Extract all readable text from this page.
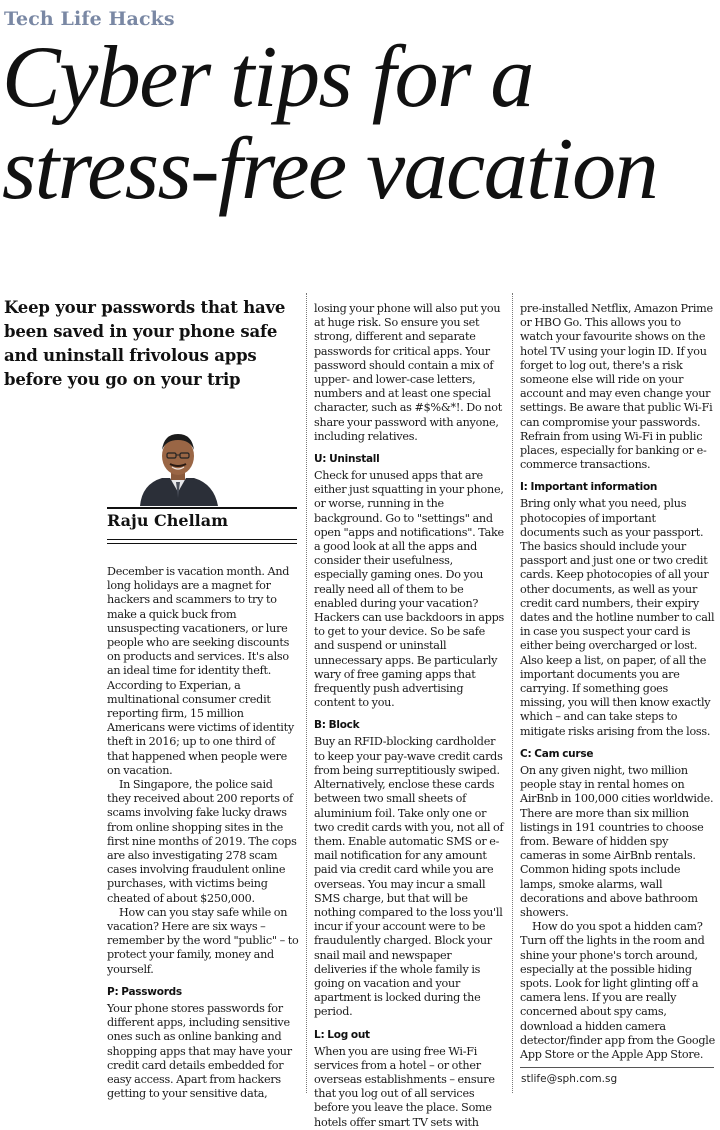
Tech Life Hacks
Cyber tips for a
stress-free vacation

Keep your passwords that have been saved in your phone safe and uninstall frivolous apps before you go on your trip

Raju Chellam

December is vacation month. And long holidays are a magnet for hackers and scammers to try to make a quick buck from unsuspecting vacationers, or lure people who are seeking discounts on products and services. It's also an ideal time for identity theft. According to Experian, a multinational consumer credit reporting firm, 15 million Americans were victims of identity theft in 2016; up to one third of that happened when people were on vacation.

In Singapore, the police said they received about 200 reports of scams involving fake lucky draws from online shopping sites in the first nine months of 2019. The cops are also investigating 278 scam cases involving fraudulent online purchases, with victims being cheated of about $250,000.

How can you stay safe while on vacation? Here are six ways – remember by the word "public" – to protect your family, money and yourself.

P: Passwords

Your phone stores passwords for different apps, including sensitive ones such as online banking and shopping apps that may have your credit card details embedded for easy access. Apart from hackers getting to your sensitive data,

losing your phone will also put you at huge risk. So ensure you set strong, different and separate passwords for critical apps. Your password should contain a mix of upper- and lower-case letters, numbers and at least one special character, such as #$%&*!. Do not share your password with anyone, including relatives.

U: Uninstall

Check for unused apps that are either just squatting in your phone, or worse, running in the background. Go to "settings" and open "apps and notifications". Take a good look at all the apps and consider their usefulness, especially gaming ones. Do you really need all of them to be enabled during your vacation? Hackers can use backdoors in apps to get to your device. So be safe and suspend or uninstall unnecessary apps. Be particularly wary of free gaming apps that frequently push advertising content to you.

B: Block

Buy an RFID-blocking cardholder to keep your pay-wave credit cards from being surreptitiously swiped. Alternatively, enclose these cards between two small sheets of aluminium foil. Take only one or two credit cards with you, not all of them. Enable automatic SMS or e-mail notification for any amount paid via credit card while you are overseas. You may incur a small SMS charge, but that will be nothing compared to the loss you'll incur if your account were to be fraudulently charged. Block your snail mail and newspaper deliveries if the whole family is going on vacation and your apartment is locked during the period.

L: Log out

When you are using free Wi-Fi services from a hotel – or other overseas establishments – ensure that you log out of all services before you leave the place. Some hotels offer smart TV sets with

pre-installed Netflix, Amazon Prime or HBO Go. This allows you to watch your favourite shows on the hotel TV using your login ID. If you forget to log out, there's a risk someone else will ride on your account and may even change your settings. Be aware that public Wi-Fi can compromise your passwords. Refrain from using Wi-Fi in public places, especially for banking or e-commerce transactions.

I: Important information

Bring only what you need, plus photocopies of important documents such as your passport. The basics should include your passport and just one or two credit cards. Keep photocopies of all your other documents, as well as your credit card numbers, their expiry dates and the hotline number to call in case you suspect your card is either being overcharged or lost. Also keep a list, on paper, of all the important documents you are carrying. If something goes missing, you will then know exactly which – and can take steps to mitigate risks arising from the loss.

C: Cam curse

On any given night, two million people stay in rental homes on AirBnb in 100,000 cities worldwide. There are more than six million listings in 191 countries to choose from. Beware of hidden spy cameras in some AirBnb rentals. Common hiding spots include lamps, smoke alarms, wall decorations and above bathroom showers.

How do you spot a hidden cam? Turn off the lights in the room and shine your phone's torch around, especially at the possible hiding spots. Look for light glinting off a camera lens. If you are really concerned about spy cams, download a hidden camera detector/finder app from the Google App Store or the Apple App Store.

stlife@sph.com.sg
